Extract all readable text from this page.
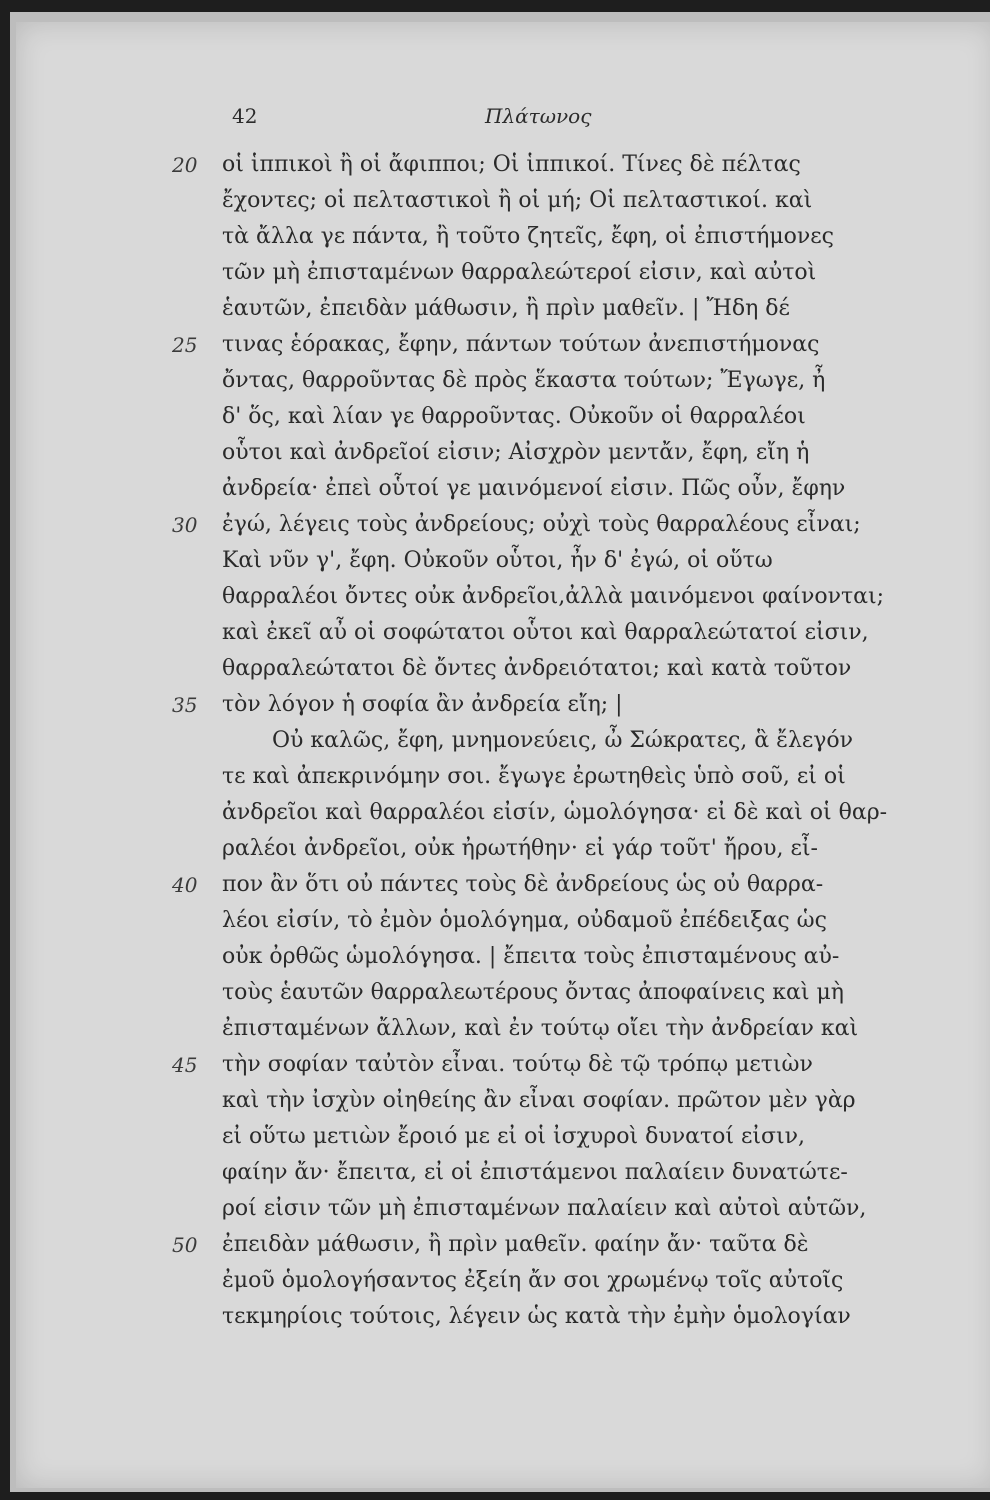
42	Πλάτωνος
20
25
30
35
40
45
50
οἱ ἱππικοὶ ἢ οἱ ἄφιπποι; Οἱ ἱππικοί. Τίνες δὲ πέλτας
ἔχοντες; οἱ πελταστικοὶ ἢ οἱ μή; Οἱ πελταστικοί. καὶ
τὰ ἄλλα γε πάντα, ἢ τοῦτο ζητεῖς, ἔφη, οἱ ἐπιστήμονες
τῶν μὴ ἐπισταμένων θαρραλεώτεροί εἰσιν, καὶ αὐτοὶ
ἑαυτῶν, ἐπειδὰν μάθωσιν, ἢ πρὶν μαθεῖν. | Ἤδη δέ
τινας ἑόρακας, ἔφην, πάντων τούτων ἀνεπιστήμονας
ὄντας, θαρροῦντας δὲ πρὸς ἕκαστα τούτων; Ἔγωγε, ἦ
δ' ὅς, καὶ λίαν γε θαρροῦντας. Οὐκοῦν οἱ θαρραλέοι
οὗτοι καὶ ἀνδρεῖοί εἰσιν; Αἰσχρὸν μεντἄν, ἔφη, εἴη ἡ
ἀνδρεία· ἐπεὶ οὗτοί γε μαινόμενοί εἰσιν. Πῶς οὖν, ἔφην
ἐγώ, λέγεις τοὺς ἀνδρείους; οὐχὶ τοὺς θαρραλέους εἶναι;
Καὶ νῦν γ', ἔφη. Οὐκοῦν οὗτοι, ἦν δ' ἐγώ, οἱ οὕτω
θαρραλέοι ὄντες οὐκ ἀνδρεῖοι,ἀλλὰ μαινόμενοι φαίνονται;
καὶ ἐκεῖ αὖ οἱ σοφώτατοι οὗτοι καὶ θαρραλεώτατοί εἰσιν,
θαρραλεώτατοι δὲ ὄντες ἀνδρειότατοι; καὶ κατὰ τοῦτον
τὸν λόγον ἡ σοφία ἂν ἀνδρεία εἴη; |
Οὐ καλῶς, ἔφη, μνημονεύεις, ὦ Σώκρατες, ἃ ἔλεγόν
τε καὶ ἀπεκρινόμην σοι. ἔγωγε ἐρωτηθεὶς ὑπὸ σοῦ, εἰ οἱ
ἀνδρεῖοι καὶ θαρραλέοι εἰσίν, ὡμολόγησα· εἰ δὲ καὶ οἱ θαρ-
ραλέοι ἀνδρεῖοι, οὐκ ἠρωτήθην· εἰ γάρ τοῦτ' ἤρου, εἶ-
πον ἂν ὅτι οὐ πάντες τοὺς δὲ ἀνδρείους ὡς οὐ θαρρα-
λέοι εἰσίν, τὸ ἐμὸν ὁμολόγημα, οὐδαμοῦ ἐπέδειξας ὡς
οὐκ ὀρθῶς ὡμολόγησα. | ἔπειτα τοὺς ἐπισταμένους αὐ-
τοὺς ἑαυτῶν θαρραλεωτέρους ὄντας ἀποφαίνεις καὶ μὴ
ἐπισταμένων ἄλλων, καὶ ἐν τούτῳ οἴει τὴν ἀνδρείαν καὶ
τὴν σοφίαν ταὐτὸν εἶναι. τούτῳ δὲ τῷ τρόπῳ μετιὼν
καὶ τὴν ἰσχὺν οἰηθείης ἂν εἶναι σοφίαν. πρῶτον μὲν γὰρ
εἰ οὕτω μετιὼν ἔροιό με εἰ οἱ ἰσχυροὶ δυνατοί εἰσιν,
φαίην ἄν· ἔπειτα, εἰ οἱ ἐπιστάμενοι παλαίειν δυνατώτε-
ροί εἰσιν τῶν μὴ ἐπισταμένων παλαίειν καὶ αὐτοὶ αὑτῶν,
ἐπειδὰν μάθωσιν, ἢ πρὶν μαθεῖν. φαίην ἄν· ταῦτα δὲ
ἐμοῦ ὁμολογήσαντος ἐξείη ἄν σοι χρωμένῳ τοῖς αὐτοῖς
τεκμηρίοις τούτοις, λέγειν ὡς κατὰ τὴν ἐμὴν ὁμολογίαν
